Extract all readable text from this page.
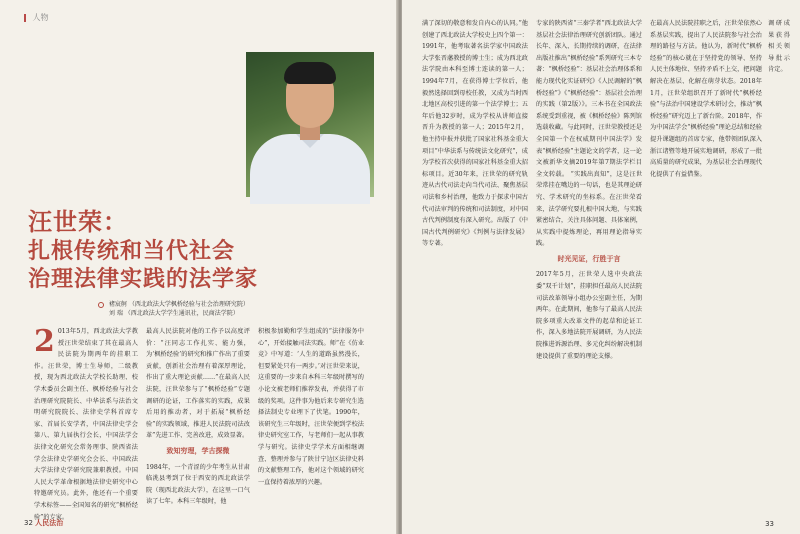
人物
汪世荣：
扎根传统和当代社会
治理法律实践的法学家
褚宸舸 （西北政法大学枫桥经验与社会治理研究院）
刘 瑞 （西北政法大学学生通讯社，民商法学院）
2 013年5月，西北政法大学教授汪世荣结束了其在最高人民法院为期两年的挂职工作。汪世荣，博士生导师，二级教授，现为西北政法大学校长助理、校学术委员会副主任、枫桥经验与社会治理研究院院长、中华法系与法治文明研究院院长、法律史学科首席专家、首届长安学者，中国法律史学会第八、第九届执行会长，中国法学会法律文化研究会常务理事、陕西省法学会法律史学研究会会长、中国政法大学法律史学研究院兼职教授。中国人民大学革命根据地法律史研究中心特邀研究员。此外，他还有一个重要学术标签——全国知名的研究“枫桥经验”的专家。
最高人民法院对他的工作予以高度评价：“汪同志工作扎实、能力强，为‘枫桥经验’的研究和推广作出了重要贡献，创新社会治理有着深厚理论，作出了重大理论贡献……”在最高人民法院，汪世荣参与了“枫桥经验”专题调研的论证，工作落实的实践，成果后用的推动者，对于拓展“枫桥经验”的实践领域，推进人民法院司法改革”先进工作、完善改进，成效显著。
致知穷理，学古探微
1984年，一个青涩的少年考生从甘肃临洮县考到了位于西安的西北政法学院（现西北政法大学），在这里一口气读了七年。本科三年级时，他
积极参加勤和学生组成的“法律服务中心”，开始接触司法实践。师“在《仿业竞》中写道：‘人生的道路虽然漫长，但要紧处只有一两步。’对汪世荣来说，这重要的一步来自本科三年级时撰写的小论文被老师们推荐发表，并获得了市级的奖项。这件事为他后来专研究生选择法制史专业埋下了伏笔。1990年，该研究生三年级时，汪世荣便到学校法律史研究室工作，与老师们一起从事教学与研究。法律史学学术方面相继调查、整理并参与了陕甘宁边区法律史料的文献整理工作，他对这个领域的研究一直保持着浓厚的兴趣。
32 人民法治
满了深切的敬意和发自内心的认同。”他创建了西北政法大学校史上四个第一：1991年，他考取著名法学家中国政法大学张晋藩教授的博士生；成为西北政法学院由本科至博士连读的第一人；1994年7月，在获得博士学位后，他毅然选择回到母校任教，又成为当时西北地区高校引进的第一个法学博士；五年后他32岁时，成为学校从讲师直接晋升为教授的第一人；2015年2月，他主持申报并获批了国家社科基金重大项目“中华法系与传统法文化研究”，成为学校首次获得的国家社科基金重大招标项目。近30年来，汪世荣的研究轨迹从古代司法走向当代司法、聚焦基层司法和乡村治理，他致力于探求中国古代司法审判的传统和司法制度，对中国古代判例制度有深入研究。出版了《中国古代判例研究》《判例与法律发展》等专著。
专家的陕西省“三秦学者”西北政法大学基层社会法律治理研究创新团队。通过长年、深入、长期持续的调研，在法律出版社推出“枫桥经验”系列研究三本专著：“枫桥经验”：基层社会治理体系和能力现代化实证研究》《人民调解的“枫桥经验”》《“枫桥经验”：基层社会治理的实践（第2版）》。三本书在全国政法系统受到重视，被《枫桥经验》陈列馆选载收藏。与此同时，汪世荣教授还是全国第一个在权威期刊中国法学》发表“枫桥经验”主题论文的学者，这一论文被新华文摘2019年第7期法学栏目全文转载。 “实践出真知”，这是汪世荣常挂在嘴边的一句话，也是其理论研究、学术研究的坐标系。在汪世荣看来，法学研究要扎根中国大地，与实践紧密结合，关注具体问题、具体案例，从实践中提炼理论，再用理论指导实践。
时光见证，行胜于言
2017年5月，汪世荣人选中央政法委“双千计划”，挂职担任最高人民法院司法改革领导小组办公室副主任，为期两年。在此期间，他参与了最高人民法院多项重大改革文件的起草和论证工作，深入多地法院开展调研，为人民法院推进诉源治理、多元化纠纷解决机制建设提供了重要的理论支撑。
在最高人民法院挂职之后，汪世荣依然心系基层实践，提出了人民法院参与社会治理的路径与方法。他认为，新时代“枫桥经验”的核心就在于坚持党的领导、坚持人民主体地位、坚持矛盾不上交，把问题解决在基层、化解在萌芽状态。2018年1月，汪世荣组织召开了新时代“枫桥经验”与法治中国建设学术研讨会，推动“枫桥经验”研究迈上了新台阶。2018年，作为中国法学会“枫桥经验”理论总结和经验提升课题组的首席专家，他带领团队深入浙江诸暨等地开展实地调研，形成了一批高质量的研究成果，为基层社会治理现代化提供了有益借鉴。
调研成果获得相关领导批示肯定。
33
